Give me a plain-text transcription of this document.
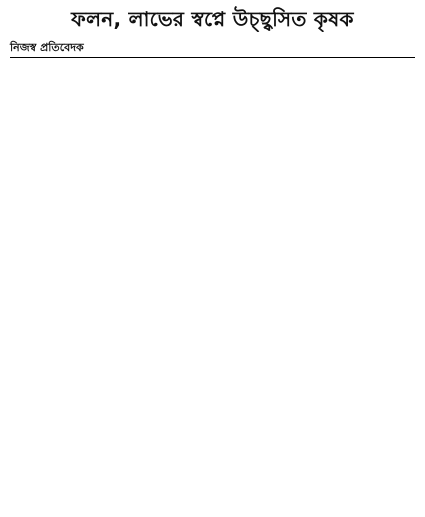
ফলন, লাভের স্বপ্নে উচ্ছ্বসিত কৃষক
নিজস্ব প্রতিবেদক
